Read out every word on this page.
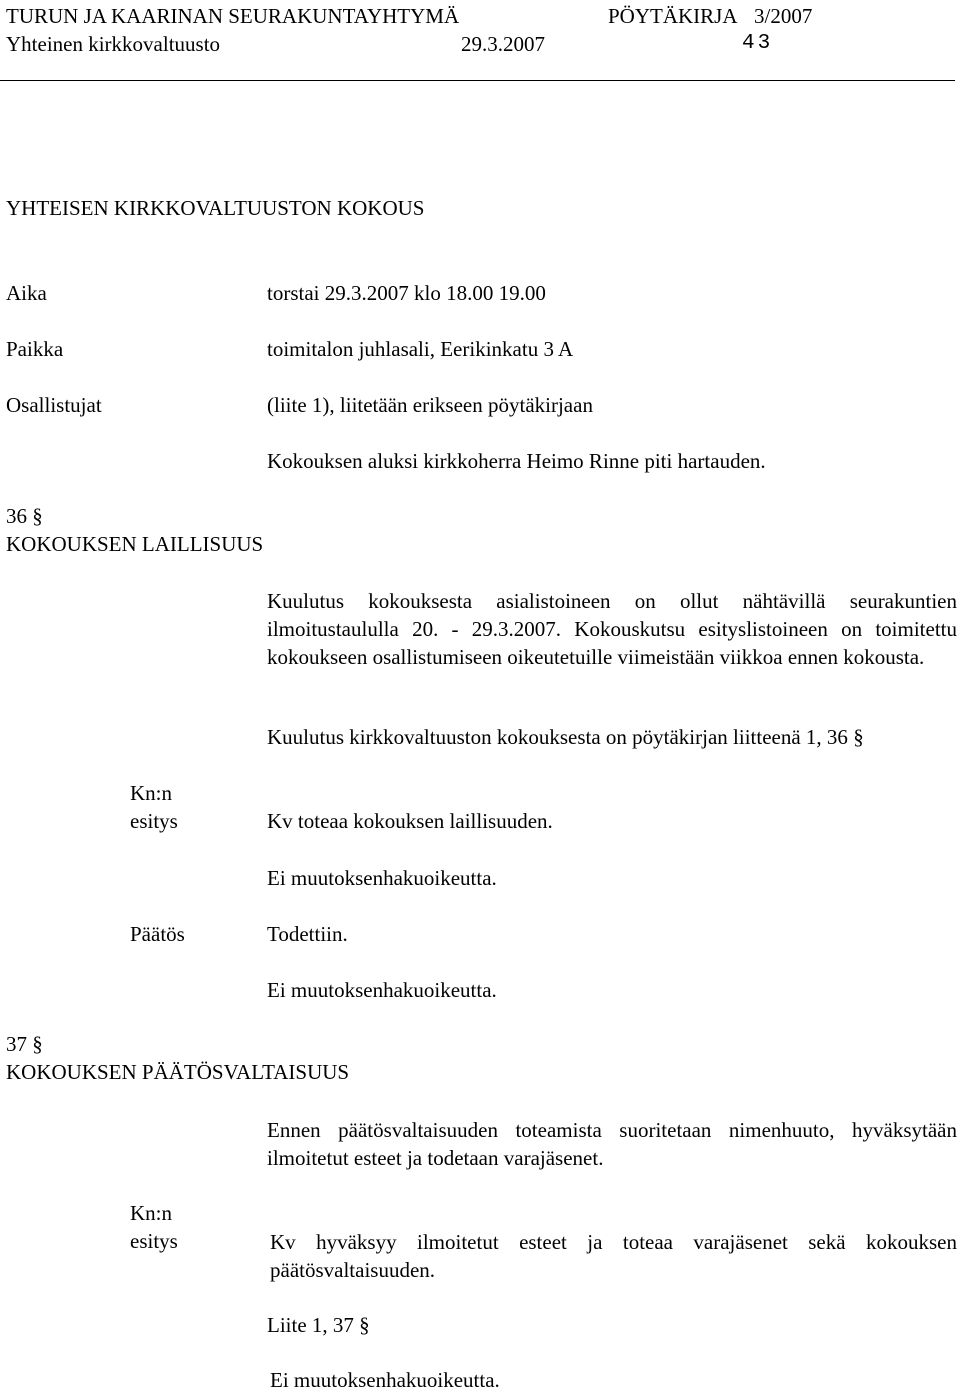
TURUN JA KAARINAN SEURAKUNTAYHTYMÄ	PÖYTÄKIRJA 3/2007
Yhteinen kirkkovaltuusto	29.3.2007	43
YHTEISEN KIRKKOVALTUUSTON KOKOUS
Aika	torstai 29.3.2007 klo 18.00 19.00
Paikka	toimitalon juhlasali, Eerikinkatu 3 A
Osallistujat	(liite 1), liitetään erikseen pöytäkirjaan
Kokouksen aluksi kirkkoherra Heimo Rinne piti hartauden.
36 §
KOKOUKSEN LAILLISUUS
Kuulutus kokouksesta asialistoineen on ollut nähtävillä seurakuntien ilmoitustaululla 20. - 29.3.2007. Kokouskutsu esityslistoineen on toimitettu kokoukseen osallistumiseen oikeutetuille viimeistään viikkoa ennen kokousta.
Kuulutus kirkkovaltuuston kokouksesta on pöytäkirjan liitteenä 1, 36 §
Kn:n
esitys	Kv toteaa kokouksen laillisuuden.
Ei muutoksenhakuoikeutta.
Päätös	Todettiin.
Ei muutoksenhakuoikeutta.
37 §
KOKOUKSEN PÄÄTÖSVALTAISUUS
Ennen päätösvaltaisuuden toteamista suoritetaan nimenhuuto, hyväksytään ilmoitetut esteet ja todetaan varajäsenet.
Kn:n
esitys	Kv hyväksyy ilmoitetut esteet ja toteaa varajäsenet sekä kokouksen päätösvaltaisuuden.
Liite 1, 37 §
Ei muutoksenhakuoikeutta.
